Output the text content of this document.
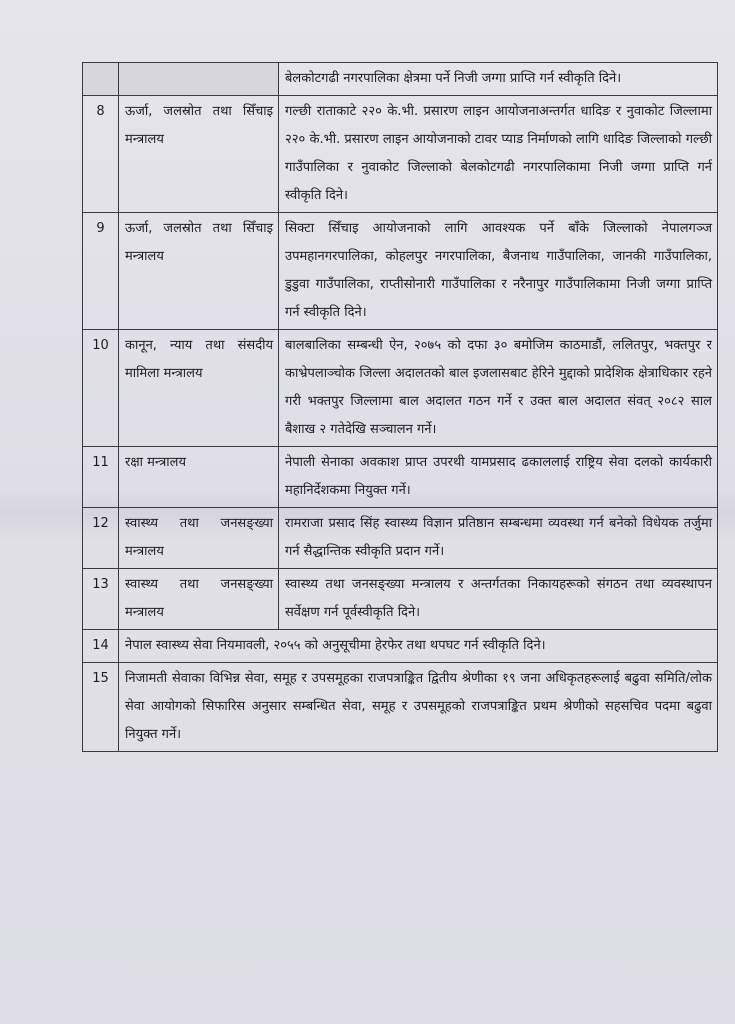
		बेलकोटगढी नगरपालिका क्षेत्रमा पर्ने निजी जग्गा प्राप्ति गर्न स्वीकृति दिने।
8	ऊर्जा, जलस्रोत तथा सिँचाइ मन्त्रालय	गल्छी राताकाटे २२० के.भी. प्रसारण लाइन आयोजनाअन्तर्गत धादिङ र नुवाकोट जिल्लामा २२० के.भी. प्रसारण लाइन आयोजनाको टावर प्याड निर्माणको लागि धादिङ जिल्लाको गल्छी गाउँपालिका र नुवाकोट जिल्लाको बेलकोटगढी नगरपालिकामा निजी जग्गा प्राप्ति गर्न स्वीकृति दिने।
9	ऊर्जा, जलस्रोत तथा सिँचाइ मन्त्रालय	सिक्टा सिँचाइ आयोजनाको लागि आवश्यक पर्ने बाँके जिल्लाको नेपालगञ्ज उपमहानगरपालिका, कोहलपुर नगरपालिका, बैजनाथ गाउँपालिका, जानकी गाउँपालिका, डुडुवा गाउँपालिका, राप्तीसोनारी गाउँपालिका र नरैनापुर गाउँपालिकामा निजी जग्गा प्राप्ति गर्न स्वीकृति दिने।
10	कानून, न्याय तथा संसदीय मामिला मन्त्रालय	बालबालिका सम्बन्धी ऐन, २०७५ को दफा ३० बमोजिम काठमाडौं, ललितपुर, भक्तपुर र काभ्रेपलाञ्चोक जिल्ला अदालतको बाल इजलासबाट हेरिने मुद्दाको प्रादेशिक क्षेत्राधिकार रहने गरी भक्तपुर जिल्लामा बाल अदालत गठन गर्ने र उक्त बाल अदालत संवत् २०८२ साल बैशाख २ गतेदेखि सञ्चालन गर्ने।
11	रक्षा मन्त्रालय	नेपाली सेनाका अवकाश प्राप्त उपरथी यामप्रसाद ढकाललाई राष्ट्रिय सेवा दलको कार्यकारी महानिर्देशकमा नियुक्त गर्ने।
12	स्वास्थ्य तथा जनसङ्ख्या मन्त्रालय	रामराजा प्रसाद सिंह स्वास्थ्य विज्ञान प्रतिष्ठान सम्बन्धमा व्यवस्था गर्न बनेको विधेयक तर्जुमा गर्न सैद्धान्तिक स्वीकृति प्रदान गर्ने।
13	स्वास्थ्य तथा जनसङ्ख्या मन्त्रालय	स्वास्थ्य तथा जनसङ्ख्या मन्त्रालय र अन्तर्गतका निकायहरूको संगठन तथा व्यवस्थापन सर्वेक्षण गर्न पूर्वस्वीकृति दिने।
14	नेपाल स्वास्थ्य सेवा नियमावली, २०५५ को अनुसूचीमा हेरफेर तथा थपघट गर्न स्वीकृति दिने।	
15	निजामती सेवाका विभिन्न सेवा, समूह र उपसमूहका राजपत्राङ्कित द्वितीय श्रेणीका १९ जना अधिकृतहरूलाई बढुवा समिति/लोक सेवा आयोगको सिफारिस अनुसार सम्बन्धित सेवा, समूह र उपसमूहको राजपत्राङ्कित प्रथम श्रेणीको सहसचिव पदमा बढुवा नियुक्त गर्ने।	
